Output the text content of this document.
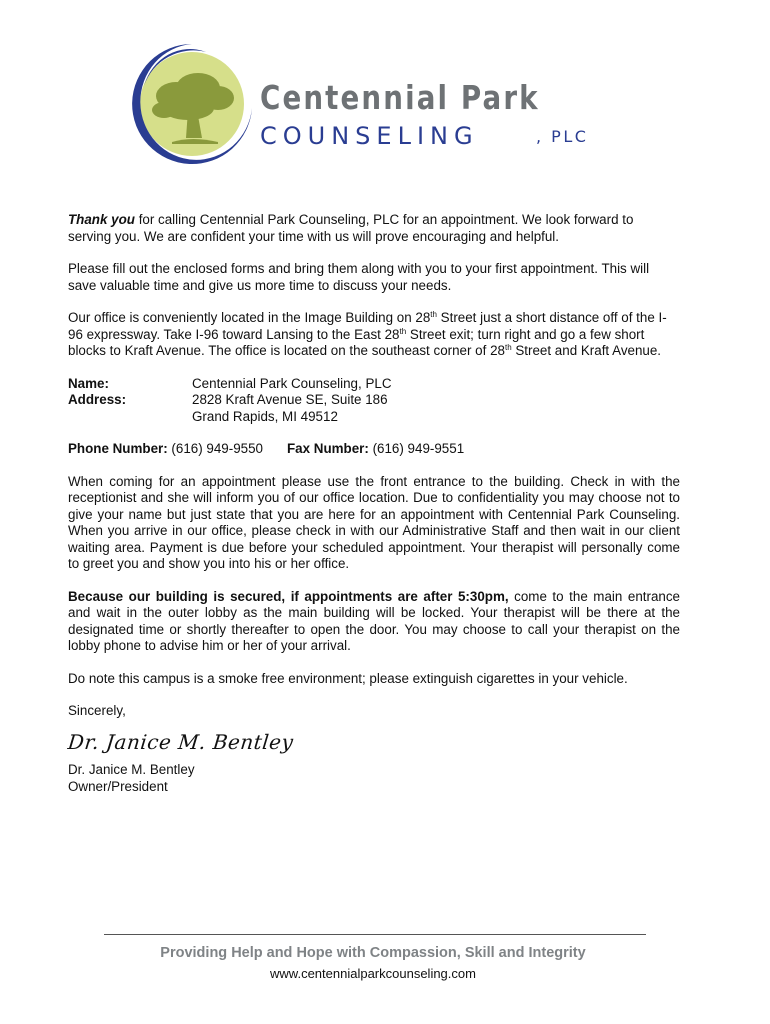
Centennial Park
COUNSELING	, PLC

Thank you for calling Centennial Park Counseling, PLC for an appointment. We look forward to serving you. We are confident your time with us will prove encouraging and helpful.

Please fill out the enclosed forms and bring them along with you to your first appointment. This will save valuable time and give us more time to discuss your needs.

Our office is conveniently located in the Image Building on 28th Street just a short distance off of the I-96 expressway. Take I-96 toward Lansing to the East 28th Street exit; turn right and go a few short blocks to Kraft Avenue. The office is located on the southeast corner of 28th Street and Kraft Avenue.

Name:	Centennial Park Counseling, PLC
Address:	2828 Kraft Avenue SE, Suite 186
Grand Rapids, MI 49512
Phone Number: (616) 949-9550 Fax Number: (616) 949-9551

When coming for an appointment please use the front entrance to the building. Check in with the receptionist and she will inform you of our office location. Due to confidentiality you may choose not to give your name but just state that you are here for an appointment with Centennial Park Counseling. When you arrive in our office, please check in with our Administrative Staff and then wait in our client waiting area. Payment is due before your scheduled appointment. Your therapist will personally come to greet you and show you into his or her office.

Because our building is secured, if appointments are after 5:30pm, come to the main entrance and wait in the outer lobby as the main building will be locked. Your therapist will be there at the designated time or shortly thereafter to open the door. You may choose to call your therapist on the lobby phone to advise him or her of your arrival.

Do note this campus is a smoke free environment; please extinguish cigarettes in your vehicle.

Sincerely,

Dr. Janice M. Bentley
Dr. Janice M. Bentley
Owner/President
Providing Help and Hope with Compassion, Skill and Integrity
www.centennialparkcounseling.com
